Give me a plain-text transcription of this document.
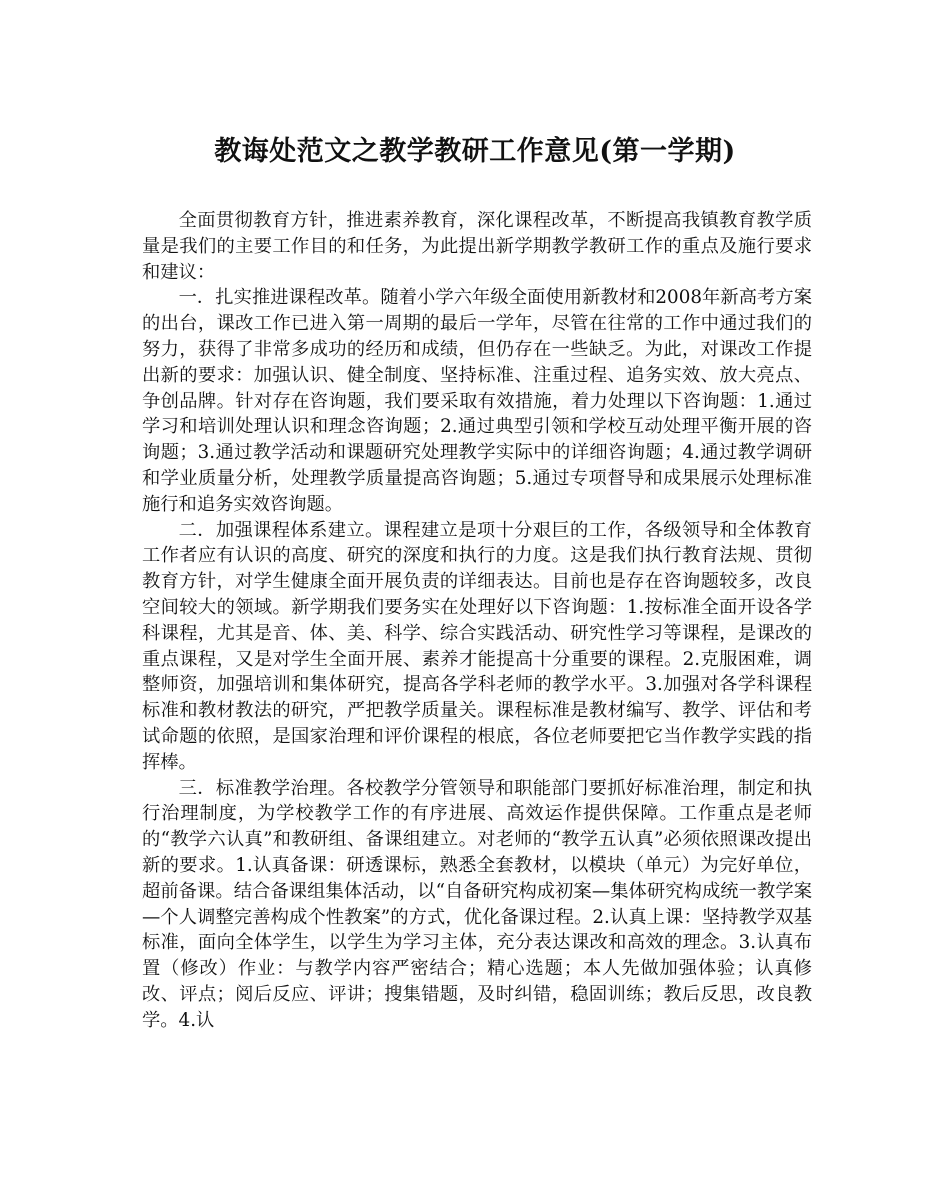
教诲处范文之教学教研工作意见(第一学期)

全面贯彻教育方针，推进素养教育，深化课程改革，不断提高我镇教育教学质量是我们的主要工作目的和任务，为此提出新学期教学教研工作的重点及施行要求和建议：

一．扎实推进课程改革。随着小学六年级全面使用新教材和2008年新高考方案的出台，课改工作已进入第一周期的最后一学年，尽管在往常的工作中通过我们的努力，获得了非常多成功的经历和成绩，但仍存在一些缺乏。为此，对课改工作提出新的要求：加强认识、健全制度、坚持标准、注重过程、追务实效、放大亮点、争创品牌。针对存在咨询题，我们要采取有效措施，着力处理以下咨询题：1.通过学习和培训处理认识和理念咨询题；2.通过典型引领和学校互动处理平衡开展的咨询题；3.通过教学活动和课题研究处理教学实际中的详细咨询题；4.通过教学调研和学业质量分析，处理教学质量提高咨询题；5.通过专项督导和成果展示处理标准施行和追务实效咨询题。

二．加强课程体系建立。课程建立是项十分艰巨的工作，各级领导和全体教育工作者应有认识的高度、研究的深度和执行的力度。这是我们执行教育法规、贯彻教育方针，对学生健康全面开展负责的详细表达。目前也是存在咨询题较多，改良空间较大的领域。新学期我们要务实在处理好以下咨询题：1.按标准全面开设各学科课程，尤其是音、体、美、科学、综合实践活动、研究性学习等课程，是课改的重点课程，又是对学生全面开展、素养才能提高十分重要的课程。2.克服困难，调整师资，加强培训和集体研究，提高各学科老师的教学水平。3.加强对各学科课程标准和教材教法的研究，严把教学质量关。课程标准是教材编写、教学、评估和考试命题的依照，是国家治理和评价课程的根底，各位老师要把它当作教学实践的指挥棒。

三．标准教学治理。各校教学分管领导和职能部门要抓好标准治理，制定和执行治理制度，为学校教学工作的有序进展、高效运作提供保障。工作重点是老师的“教学六认真”和教研组、备课组建立。对老师的“教学五认真”必须依照课改提出新的要求。1.认真备课：研透课标，熟悉全套教材，以模块（单元）为完好单位，超前备课。结合备课组集体活动，以“自备研究构成初案—集体研究构成统一教学案—个人调整完善构成个性教案”的方式，优化备课过程。2.认真上课：坚持教学双基标准，面向全体学生，以学生为学习主体，充分表达课改和高效的理念。3.认真布置（修改）作业：与教学内容严密结合；精心选题；本人先做加强体验；认真修改、评点；阅后反应、评讲；搜集错题，及时纠错，稳固训练；教后反思，改良教学。4.认
